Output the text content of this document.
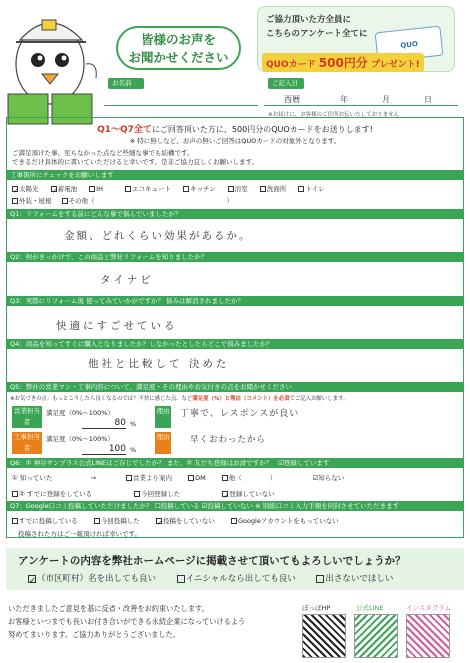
皆様のお声を
お聞かせください
ご協力頂いた方全員に
こちらのアンケート全てに
QUO
QUOカード 500円分 プレゼント!
お名前	ご記入日
西暦	年	月	日
※お届けに、お客様のご住所お伝いたしておりません
Q1〜Q7全てにご回答頂いた方に、500円分のQUOカードをお送りします!
※ 特に無しなど、お声の無いご回答はQUOカードの対象外となります。
ご満足頂けた事、至らなかった点など些細な事でも結構です。
できるだけ具体的に書いていただけると幸いです。是非ご協力宜しくお願いします。
工事箇所にチェックをお願いします
✓太陽光 ✓蓄電池	IH	エコキュート	キッチン	浴室	洗面所	トイレ
外装・屋根	その他（	）
Q1：リフォームをする前にどんな事で悩んでいましたか？
金額、どれくらい効果があるか。
Q2：何がきっかけで、この商品と弊社リフォームを知りましたか？
タイナビ
Q3：実際にリフォーム後 使ってみていかがですか？ 悩みは解消されましたか？
快適にすごせている
Q4：商品を知ってすぐに購入となりましたか？しなかったとしたらどこで悩みましたか？
他社と比較して 決めた
Q5：弊社の営業マン・工事内容について、満足度・その理由やお気付きの点をお聞かせください
※お気づきの点：もっとこうしたら良くなるのでは？不快に感じた点、など満足度（%）と理由（コメント）を必須でご記入お願いします。
営業担当者
満足度（0%〜100%）
80 %
理由 丁寧で、レスポンスが良い
工事担当者
満足度（0%〜100%）
100 %
理由 早くおわったから
Q6：① 神谷サンプラス公式LINEはご存じでしたか？ また、② 友だち登録はお済ですか？ ☑登録しています
① 知っていた	→	営業より案内	DM	他（	）	☑知らない
② すでに登録をしている	今回登録した	✓登録していない
Q7：Google口コミ投稿していただけましたか？ ☐投稿している ☑投稿していない ※ 別紙口コミ入力手順を同封させていただきます
すでに投稿している	今回投稿した	✓投稿をしていない	Googleアカウントをもっていない
投稿された方はご一報頂ければ幸いです。
アンケートの内容を弊社ホームページに掲載させて頂いてもよろしいでしょうか？
✓（市区町村）名を出しても良い	イニシャルなら出しても良い	出さないでほしい
いただきましたご意見を基に反省・改善をお約束いたします。
お客様といつまでも長いお付き合いができる永続企業になっていけるよう
努めてまいります。ご協力ありがとうございました。
ぽっぽHP	公式LINE	インスタグラム
